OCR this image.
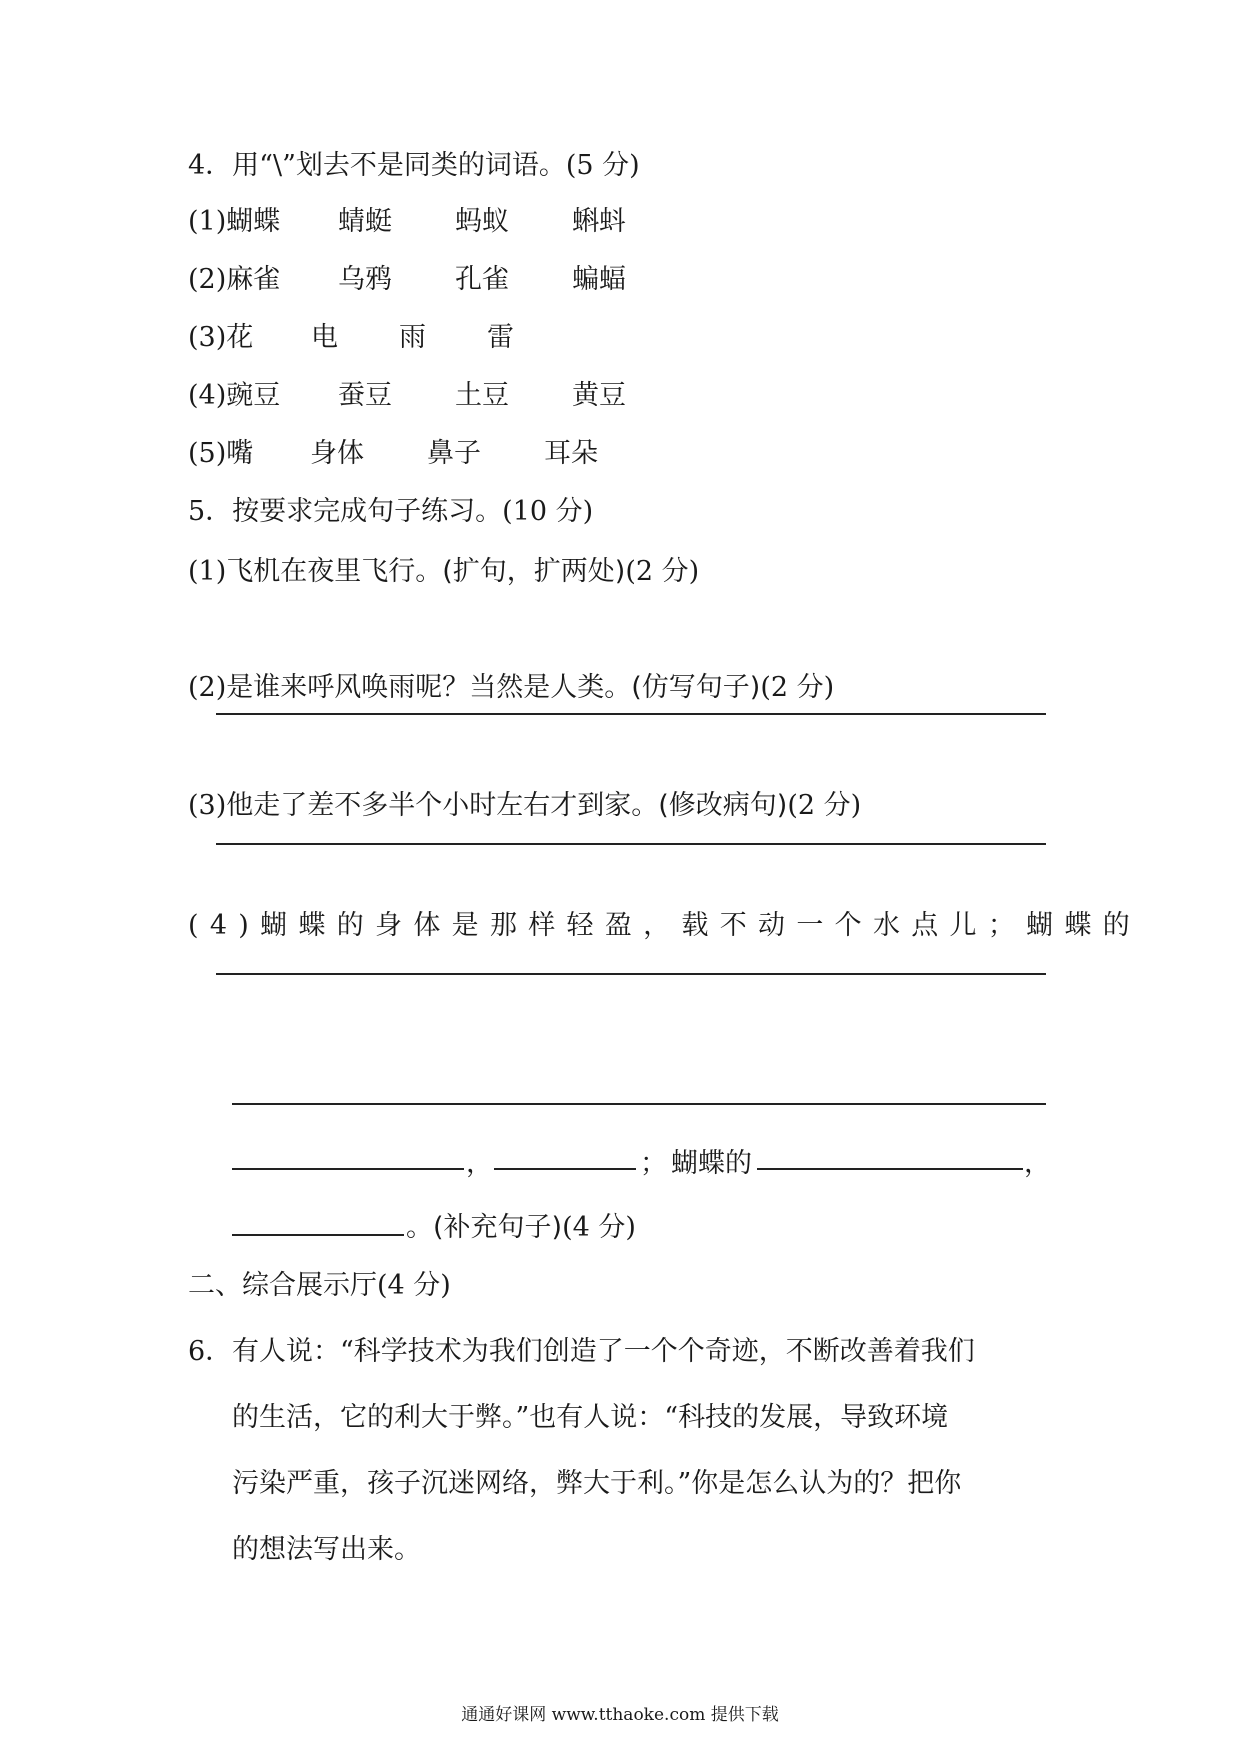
4．用“\”划去不是同类的词语。(5 分)
(1)蝴蝶 蜻蜓 蚂蚁 蝌蚪
(2)麻雀 乌鸦 孔雀 蝙蝠
(3)花 电 雨 雷
(4)豌豆 蚕豆 土豆 黄豆
(5)嘴 身体 鼻子 耳朵
5．按要求完成句子练习。(10 分)
(1)飞机在夜里飞行。(扩句，扩两处)(2 分)
(2)是谁来呼风唤雨呢？当然是人类。(仿写句子)(2 分)
(3)他走了差不多半个小时左右才到家。(修改病句)(2 分)
(4)蝴蝶的身体是那样轻盈，载不动一个水点儿；蝴蝶的
，	； 蝴蝶的	，
。(补充句子)(4 分)
二、综合展示厅(4 分)
6． 有人说：“科学技术为我们创造了一个个奇迹，不断改善着我们
的生活，它的利大于弊。”也有人说：“科技的发展，导致环境
污染严重，孩子沉迷网络，弊大于利。”你是怎么认为的？把你
的想法写出来。
通通好课网 www.tthaoke.com 提供下载
